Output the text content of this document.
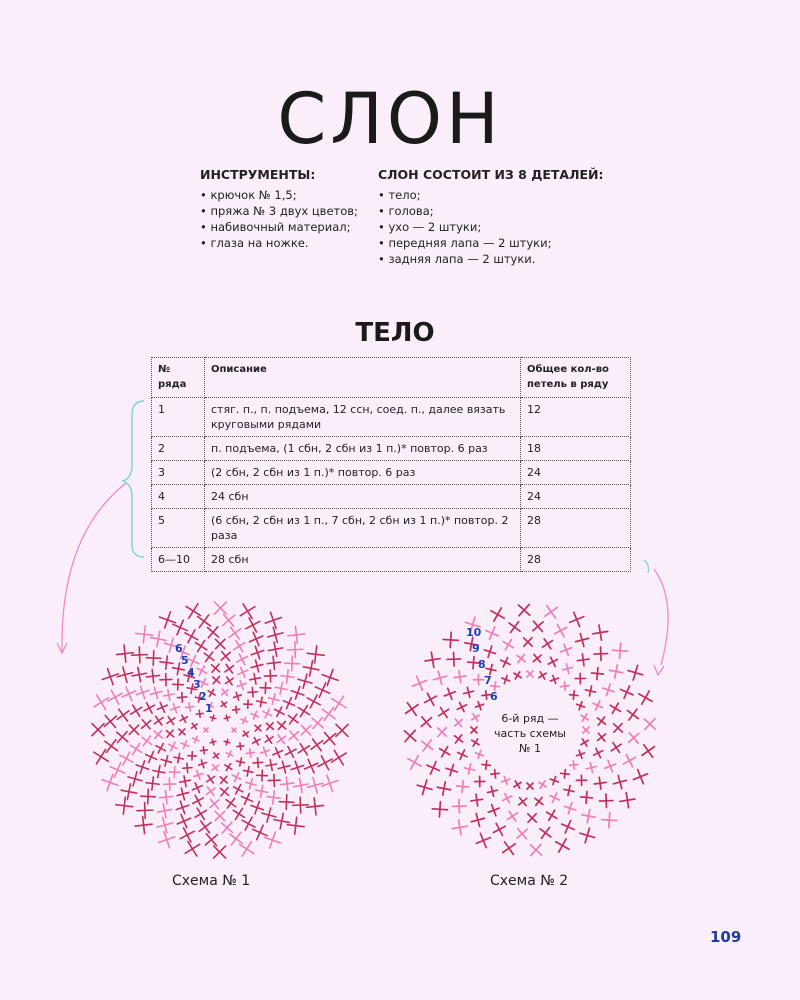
СЛОН
ИНСТРУМЕНТЫ:
• крючок № 1,5;
• пряжа № 3 двух цветов;
• набивочный материал;
• глаза на ножке.
СЛОН СОСТОИТ ИЗ 8 ДЕТАЛЕЙ:
• тело;
• голова;
• ухо — 2 штуки;
• передняя лапа — 2 штуки;
• задняя лапа — 2 штуки.
ТЕЛО
№ ряда	Описание	Общее кол-во петель в ряду
1	стяг. п., п. подъема, 12 ссн, соед. п., далее вязать круговыми рядами	12
2	п. подъема, (1 сбн, 2 сбн из 1 п.)* повтор. 6 раз	18
3	(2 сбн, 2 сбн из 1 п.)* повтор. 6 раз	24
4	24 сбн	24
5	(6 сбн, 2 сбн из 1 п., 7 сбн, 2 сбн из 1 п.)* повтор. 2 раза	28
6—10	28 сбн	28
6
5
4
3
2
1
10
9
8
7
6
6-й ряд — часть схемы № 1
Схема № 1	Схема № 2
109
